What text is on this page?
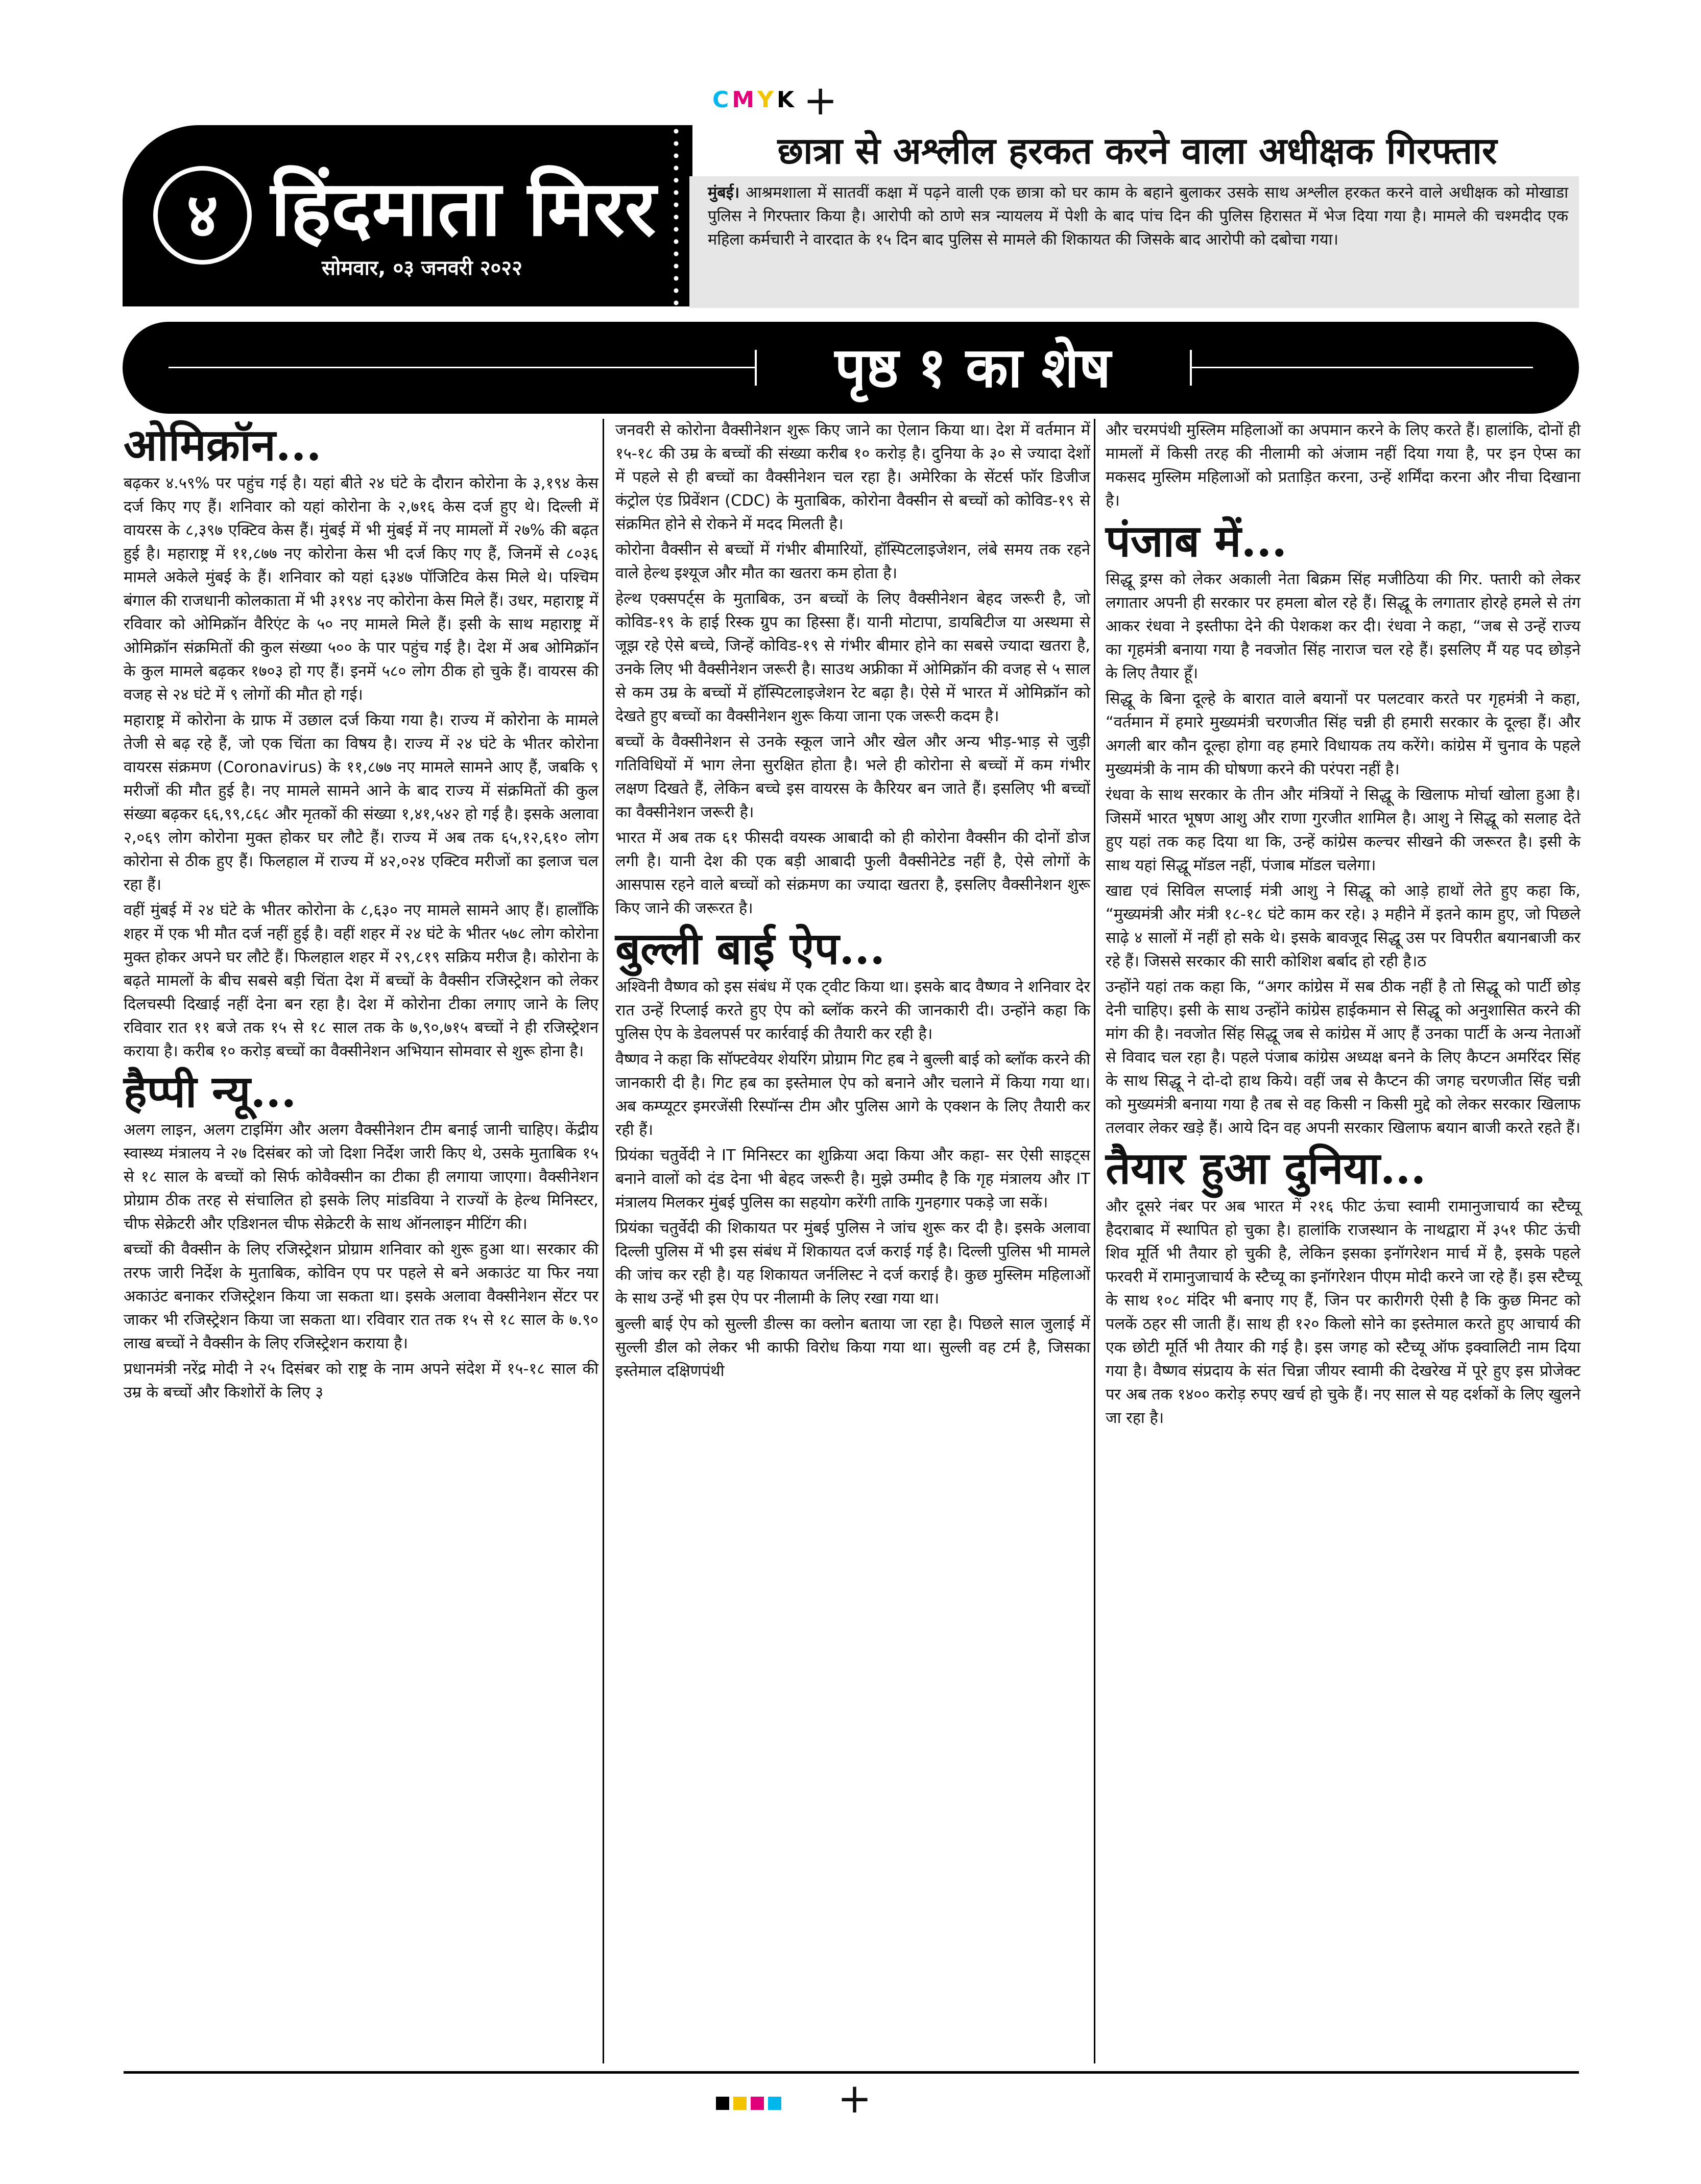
CMYK +
४ हिंदमाता मिरर
सोमवार, ०३ जनवरी २०२२
छात्रा से अश्लील हरकत करने वाला अधीक्षक गिरफ्तार
मुंबई। आश्रमशाला में सातवीं कक्षा में पढ़ने वाली एक छात्रा को घर काम के बहाने बुलाकर उसके साथ अश्लील हरकत करने वाले अधीक्षक को मोखाडा पुलिस ने गिरफ्तार किया है। आरोपी को ठाणे सत्र न्यायलय में पेशी के बाद पांच दिन की पुलिस हिरासत में भेज दिया गया है। मामले की चश्मदीद एक महिला कर्मचारी ने वारदात के १५ दिन बाद पुलिस से मामले की शिकायत की जिसके बाद आरोपी को दबोचा गया।
पृष्ठ १ का शेष
ओमिक्रॉन...

बढ़कर ४.५९% पर पहुंच गई है। यहां बीते २४ घंटे के दौरान कोरोना के ३,१९४ केस दर्ज किए गए हैं। शनिवार को यहां कोरोना के २,७१६ केस दर्ज हुए थे। दिल्ली में वायरस के ८,३९७ एक्टिव केस हैं। मुंबई में भी मुंबई में नए मामलों में २७% की बढ़त हुई है। महाराष्ट्र में ११,८७७ नए कोरोना केस भी दर्ज किए गए हैं, जिनमें से ८०३६ मामले अकेले मुंबई के हैं। शनिवार को यहां ६३४७ पॉजिटिव केस मिले थे। पश्चिम बंगाल की राजधानी कोलकाता में भी ३१९४ नए कोरोना केस मिले हैं। उधर, महाराष्ट्र में रविवार को ओमिक्रॉन वैरिएंट के ५० नए मामले मिले हैं। इसी के साथ महाराष्ट्र में ओमिक्रॉन संक्रमितों की कुल संख्या ५०० के पार पहुंच गई है। देश में अब ओमिक्रॉन के कुल मामले बढ़कर १७०३ हो गए हैं। इनमें ५८० लोग ठीक हो चुके हैं। वायरस की वजह से २४ घंटे में ९ लोगों की मौत हो गई।

महाराष्ट्र में कोरोना के ग्राफ में उछाल दर्ज किया गया है। राज्य में कोरोना के मामले तेजी से बढ़ रहे हैं, जो एक चिंता का विषय है। राज्य में २४ घंटे के भीतर कोरोना वायरस संक्रमण (Coronavirus) के ११,८७७ नए मामले सामने आए हैं, जबकि ९ मरीजों की मौत हुई है। नए मामले सामने आने के बाद राज्य में संक्रमितों की कुल संख्या बढ़कर ६६,९९,८६८ और मृतकों की संख्या १,४१,५४२ हो गई है। इसके अलावा २,०६९ लोग कोरोना मुक्त होकर घर लौटे हैं। राज्य में अब तक ६५,१२,६१० लोग कोरोना से ठीक हुए हैं। फिलहाल में राज्य में ४२,०२४ एक्टिव मरीजों का इलाज चल रहा हैं।

वहीं मुंबई में २४ घंटे के भीतर कोरोना के ८,६३० नए मामले सामने आए हैं। हालाँकि शहर में एक भी मौत दर्ज नहीं हुई है। वहीं शहर में २४ घंटे के भीतर ५७८ लोग कोरोना मुक्त होकर अपने घर लौटे हैं। फिलहाल शहर में २९,८१९ सक्रिय मरीज है। कोरोना के बढ़ते मामलों के बीच सबसे बड़ी चिंता देश में बच्चों के वैक्सीन रजिस्ट्रेशन को लेकर दिलचस्पी दिखाई नहीं देना बन रहा है। देश में कोरोना टीका लगाए जाने के लिए रविवार रात ११ बजे तक १५ से १८ साल तक के ७,९०,७१५ बच्चों ने ही रजिस्ट्रेशन कराया है। करीब १० करोड़ बच्चों का वैक्सीनेशन अभियान सोमवार से शुरू होना है।

हैप्पी न्यू...

अलग लाइन, अलग टाइमिंग और अलग वैक्सीनेशन टीम बनाई जानी चाहिए। केंद्रीय स्वास्थ्य मंत्रालय ने २७ दिसंबर को जो दिशा निर्देश जारी किए थे, उसके मुताबिक १५ से १८ साल के बच्चों को सिर्फ कोवैक्सीन का टीका ही लगाया जाएगा। वैक्सीनेशन प्रोग्राम ठीक तरह से संचालित हो इसके लिए मांडविया ने राज्यों के हेल्थ मिनिस्टर, चीफ सेक्रेटरी और एडिशनल चीफ सेक्रेटरी के साथ ऑनलाइन मीटिंग की।

बच्चों की वैक्सीन के लिए रजिस्ट्रेशन प्रोग्राम शनिवार को शुरू हुआ था। सरकार की तरफ जारी निर्देश के मुताबिक, कोविन एप पर पहले से बने अकाउंट या फिर नया अकाउंट बनाकर रजिस्ट्रेशन किया जा सकता था। इसके अलावा वैक्सीनेशन सेंटर पर जाकर भी रजिस्ट्रेशन किया जा सकता था। रविवार रात तक १५ से १८ साल के ७.९० लाख बच्चों ने वैक्सीन के लिए रजिस्ट्रेशन कराया है।

प्रधानमंत्री नरेंद्र मोदी ने २५ दिसंबर को राष्ट्र के नाम अपने संदेश में १५-१८ साल की उम्र के बच्चों और किशोरों के लिए ३

जनवरी से कोरोना वैक्सीनेशन शुरू किए जाने का ऐलान किया था। देश में वर्तमान में १५-१८ की उम्र के बच्चों की संख्या करीब १० करोड़ है। दुनिया के ३० से ज्यादा देशों में पहले से ही बच्चों का वैक्सीनेशन चल रहा है। अमेरिका के सेंटर्स फॉर डिजीज कंट्रोल एंड प्रिवेंशन (CDC) के मुताबिक, कोरोना वैक्सीन से बच्चों को कोविड-१९ से संक्रमित होने से रोकने में मदद मिलती है।

कोरोना वैक्सीन से बच्चों में गंभीर बीमारियों, हॉस्पिटलाइजेशन, लंबे समय तक रहने वाले हेल्थ इश्यूज और मौत का खतरा कम होता है।

हेल्थ एक्सपर्ट्स के मुताबिक, उन बच्चों के लिए वैक्सीनेशन बेहद जरूरी है, जो कोविड-१९ के हाई रिस्क ग्रुप का हिस्सा हैं। यानी मोटापा, डायबिटीज या अस्थमा से जूझ रहे ऐसे बच्चे, जिन्हें कोविड-१९ से गंभीर बीमार होने का सबसे ज्यादा खतरा है, उनके लिए भी वैक्सीनेशन जरूरी है। साउथ अफ्रीका में ओमिक्रॉन की वजह से ५ साल से कम उम्र के बच्चों में हॉस्पिटलाइजेशन रेट बढ़ा है। ऐसे में भारत में ओमिक्रॉन को देखते हुए बच्चों का वैक्सीनेशन शुरू किया जाना एक जरूरी कदम है।

बच्चों के वैक्सीनेशन से उनके स्कूल जाने और खेल और अन्य भीड़-भाड़ से जुड़ी गतिविधियों में भाग लेना सुरक्षित होता है। भले ही कोरोना से बच्चों में कम गंभीर लक्षण दिखते हैं, लेकिन बच्चे इस वायरस के कैरियर बन जाते हैं। इसलिए भी बच्चों का वैक्सीनेशन जरूरी है।

भारत में अब तक ६१ फीसदी वयस्क आबादी को ही कोरोना वैक्सीन की दोनों डोज लगी है। यानी देश की एक बड़ी आबादी फुली वैक्सीनेटेड नहीं है, ऐसे लोगों के आसपास रहने वाले बच्चों को संक्रमण का ज्यादा खतरा है, इसलिए वैक्सीनेशन शुरू किए जाने की जरूरत है।

बुल्ली बाई ऐप...

अश्विनी वैष्णव को इस संबंध में एक ट्वीट किया था। इसके बाद वैष्णव ने शनिवार देर रात उन्हें रिप्लाई करते हुए ऐप को ब्लॉक करने की जानकारी दी। उन्होंने कहा कि पुलिस ऐप के डेवलपर्स पर कार्रवाई की तैयारी कर रही है।

वैष्णव ने कहा कि सॉफ्टवेयर शेयरिंग प्रोग्राम गिट हब ने बुल्ली बाई को ब्लॉक करने की जानकारी दी है। गिट हब का इस्तेमाल ऐप को बनाने और चलाने में किया गया था। अब कम्प्यूटर इमरजेंसी रिस्पॉन्स टीम और पुलिस आगे के एक्शन के लिए तैयारी कर रही हैं।

प्रियंका चतुर्वेदी ने IT मिनिस्टर का शुक्रिया अदा किया और कहा- सर ऐसी साइट्स बनाने वालों को दंड देना भी बेहद जरूरी है। मुझे उम्मीद है कि गृह मंत्रालय और IT मंत्रालय मिलकर मुंबई पुलिस का सहयोग करेंगी ताकि गुनहगार पकड़े जा सकें।

प्रियंका चतुर्वेदी की शिकायत पर मुंबई पुलिस ने जांच शुरू कर दी है। इसके अलावा दिल्ली पुलिस में भी इस संबंध में शिकायत दर्ज कराई गई है। दिल्ली पुलिस भी मामले की जांच कर रही है। यह शिकायत जर्नलिस्ट ने दर्ज कराई है। कुछ मुस्लिम महिलाओं के साथ उन्हें भी इस ऐप पर नीलामी के लिए रखा गया था।

बुल्ली बाई ऐप को सुल्ली डील्स का क्लोन बताया जा रहा है। पिछले साल जुलाई में सुल्ली डील को लेकर भी काफी विरोध किया गया था। सुल्ली वह टर्म है, जिसका इस्तेमाल दक्षिणपंथी

और चरमपंथी मुस्लिम महिलाओं का अपमान करने के लिए करते हैं। हालांकि, दोनों ही मामलों में किसी तरह की नीलामी को अंजाम नहीं दिया गया है, पर इन ऐप्स का मकसद मुस्लिम महिलाओं को प्रताड़ित करना, उन्हें शर्मिंदा करना और नीचा दिखाना है।

पंजाब में...

सिद्धू ड्रग्स को लेकर अकाली नेता बिक्रम सिंह मजीठिया की गिर. फ्तारी को लेकर लगातार अपनी ही सरकार पर हमला बोल रहे हैं। सिद्धू के लगातार होरहे हमले से तंग आकर रंधवा ने इस्तीफा देने की पेशकश कर दी। रंधवा ने कहा, “जब से उन्हें राज्य का गृहमंत्री बनाया गया है नवजोत सिंह नाराज चल रहे हैं। इसलिए मैं यह पद छोड़ने के लिए तैयार हूँ।

सिद्धू के बिना दूल्हे के बारात वाले बयानों पर पलटवार करते पर गृहमंत्री ने कहा, “वर्तमान में हमारे मुख्यमंत्री चरणजीत सिंह चन्नी ही हमारी सरकार के दूल्हा हैं। और अगली बार कौन दूल्हा होगा वह हमारे विधायक तय करेंगे। कांग्रेस में चुनाव के पहले मुख्यमंत्री के नाम की घोषणा करने की परंपरा नहीं है।

रंधवा के साथ सरकार के तीन और मंत्रियों ने सिद्धू के खिलाफ मोर्चा खोला हुआ है। जिसमें भारत भूषण आशु और राणा गुरजीत शामिल है। आशु ने सिद्धू को सलाह देते हुए यहां तक कह दिया था कि, उन्हें कांग्रेस कल्चर सीखने की जरूरत है। इसी के साथ यहां सिद्धू मॉडल नहीं, पंजाब मॉडल चलेगा।

खाद्य एवं सिविल सप्लाई मंत्री आशु ने सिद्धू को आड़े हाथों लेते हुए कहा कि, “मुख्यमंत्री और मंत्री १८-१८ घंटे काम कर रहे। ३ महीने में इतने काम हुए, जो पिछले साढ़े ४ सालों में नहीं हो सके थे। इसके बावजूद सिद्धू उस पर विपरीत बयानबाजी कर रहे हैं। जिससे सरकार की सारी कोशिश बर्बाद हो रही है।ठ

उन्होंने यहां तक कहा कि, “अगर कांग्रेस में सब ठीक नहीं है तो सिद्धू को पार्टी छोड़ देनी चाहिए। इसी के साथ उन्होंने कांग्रेस हाईकमान से सिद्धू को अनुशासित करने की मांग की है। नवजोत सिंह सिद्धू जब से कांग्रेस में आए हैं उनका पार्टी के अन्य नेताओं से विवाद चल रहा है। पहले पंजाब कांग्रेस अध्यक्ष बनने के लिए कैप्टन अमरिंदर सिंह के साथ सिद्धू ने दो-दो हाथ किये। वहीं जब से कैप्टन की जगह चरणजीत सिंह चन्नी को मुख्यमंत्री बनाया गया है तब से वह किसी न किसी मुद्दे को लेकर सरकार खिलाफ तलवार लेकर खड़े हैं। आये दिन वह अपनी सरकार खिलाफ बयान बाजी करते रहते हैं।

तैयार हुआ दुनिया...

और दूसरे नंबर पर अब भारत में २१६ फीट ऊंचा स्वामी रामानुजाचार्य का स्टैच्यू हैदराबाद में स्थापित हो चुका है। हालांकि राजस्थान के नाथद्वारा में ३५१ फीट ऊंची शिव मूर्ति भी तैयार हो चुकी है, लेकिन इसका इनॉगरेशन मार्च में है, इसके पहले फरवरी में रामानुजाचार्य के स्टैच्यू का इनॉगरेशन पीएम मोदी करने जा रहे हैं। इस स्टैच्यू के साथ १०८ मंदिर भी बनाए गए हैं, जिन पर कारीगरी ऐसी है कि कुछ मिनट को पलकें ठहर सी जाती हैं। साथ ही १२० किलो सोने का इस्तेमाल करते हुए आचार्य की एक छोटी मूर्ति भी तैयार की गई है। इस जगह को स्टैच्यू ऑफ इक्वालिटी नाम दिया गया है। वैष्णव संप्रदाय के संत चिन्ना जीयर स्वामी की देखरेख में पूरे हुए इस प्रोजेक्ट पर अब तक १४०० करोड़ रुपए खर्च हो चुके हैं। नए साल से यह दर्शकों के लिए खुलने जा रहा है।

+
